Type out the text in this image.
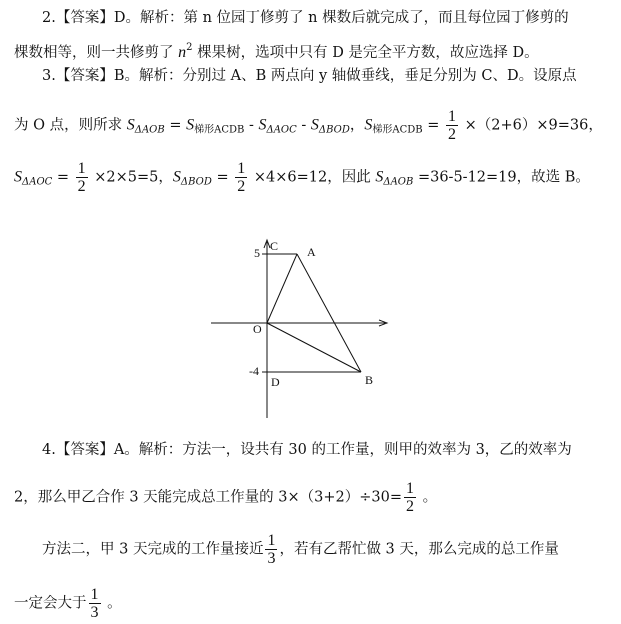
2.【答案】D。解析：第 n 位园丁修剪了 n 棵数后就完成了，而且每位园丁修剪的
棵数相等，则一共修剪了 $n^2$ 棵果树，选项中只有 D 是完全平方数，故应选择 D。
3.【答案】B。解析：分别过 A、B 两点向 y 轴做垂线，垂足分别为 C、D。设原点
为 O 点，则所求 $S_{\Delta AOB} = S_{梯形ACDB} - S_{\Delta AOC} - S_{\Delta BOD}$，$S_{梯形ACDB} = \frac{1}{2} \times(2+6)\times 9=36$，
$S_{\Delta AOC} = \frac{1}{2} \times 2\times 5=5$，$S_{\Delta BOD} = \frac{1}{2} \times 4\times 6=12$，因此 $S_{\Delta AOB} =36-5-12=19$，故选 B。
C A
5
O
-4
D	B
4.【答案】A。解析：方法一，设共有 30 的工作量，则甲的效率为 3，乙的效率为
2，那么甲乙合作 3 天能完成总工作量的 $3\times(3+2)\div 30= \frac{1}{2}$ 。
方法二，甲 3 天完成的工作量接近 $\frac{1}{3}$ ，若有乙帮忙做 3 天，那么完成的总工作量
一定会大于 $\frac{1}{3}$ 。
